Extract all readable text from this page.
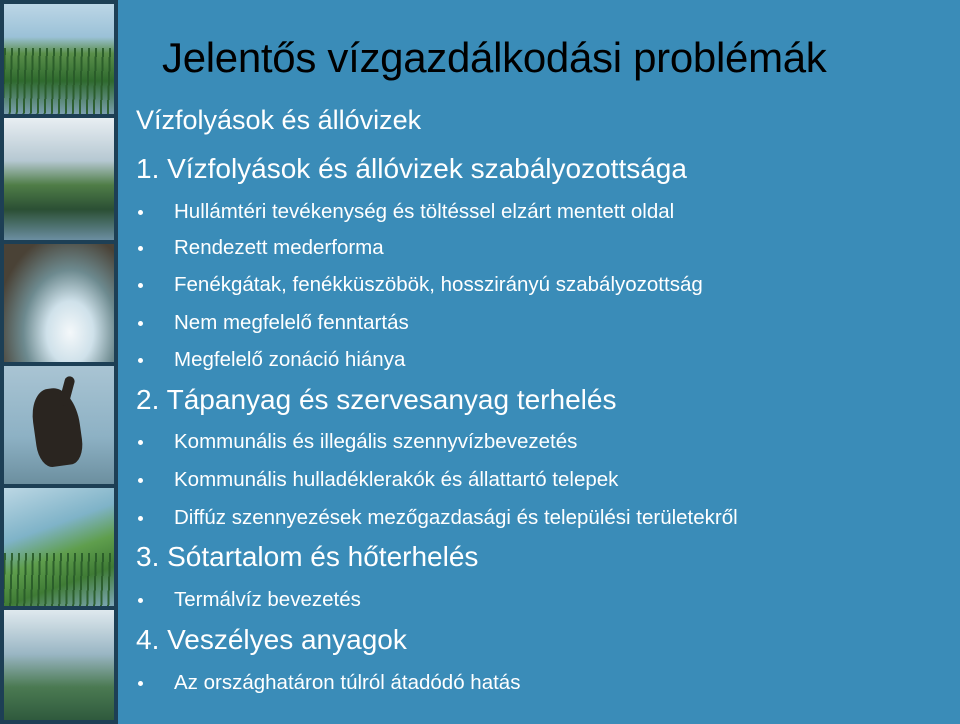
Jelentős vízgazdálkodási problémák
Vízfolyások és állóvizek
1. Vízfolyások és állóvizek szabályozottsága
Hullámtéri tevékenység és töltéssel elzárt mentett oldal
Rendezett mederforma
Fenékgátak, fenékküszöbök, hosszirányú szabályozottság
Nem megfelelő fenntartás
Megfelelő zonáció hiánya
2. Tápanyag és szervesanyag terhelés
Kommunális és illegális szennyvízbevezetés
Kommunális hulladéklerakók és állattartó telepek
Diffúz szennyezések mezőgazdasági és települési területekről
3. Sótartalom és hőterhelés
Termálvíz bevezetés
4. Veszélyes anyagok
Az országhatáron túlról átadódó hatás
